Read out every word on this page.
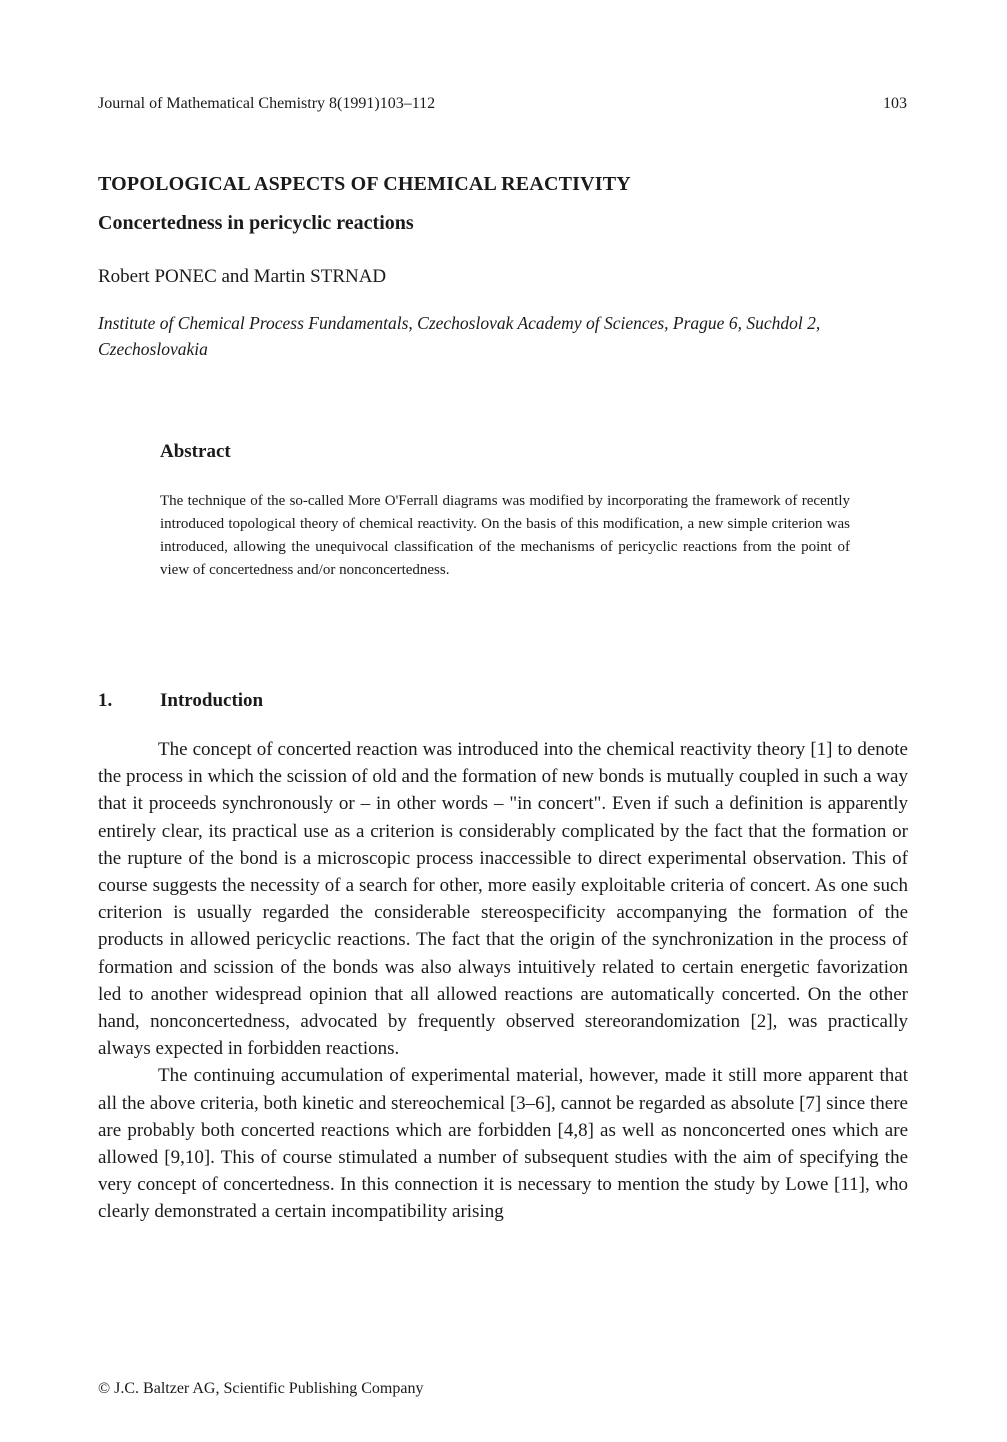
Journal of Mathematical Chemistry 8(1991)103–112	103
TOPOLOGICAL ASPECTS OF CHEMICAL REACTIVITY
Concertedness in pericyclic reactions
Robert PONEC and Martin STRNAD
Institute of Chemical Process Fundamentals, Czechoslovak Academy of Sciences, Prague 6, Suchdol 2, Czechoslovakia
Abstract
The technique of the so-called More O'Ferrall diagrams was modified by incorporating the framework of recently introduced topological theory of chemical reactivity. On the basis of this modification, a new simple criterion was introduced, allowing the unequivocal classification of the mechanisms of pericyclic reactions from the point of view of concertedness and/or nonconcertedness.
1.	Introduction

The concept of concerted reaction was introduced into the chemical reactivity theory [1] to denote the process in which the scission of old and the formation of new bonds is mutually coupled in such a way that it proceeds synchronously or – in other words – "in concert". Even if such a definition is apparently entirely clear, its practical use as a criterion is considerably complicated by the fact that the formation or the rupture of the bond is a microscopic process inaccessible to direct experimental observation. This of course suggests the necessity of a search for other, more easily exploitable criteria of concert. As one such criterion is usually regarded the considerable stereospecificity accompanying the formation of the products in allowed pericyclic reactions. The fact that the origin of the synchronization in the process of formation and scission of the bonds was also always intuitively related to certain energetic favorization led to another widespread opinion that all allowed reactions are automatically concerted. On the other hand, nonconcertedness, advocated by frequently observed stereorandomization [2], was practically always expected in forbidden reactions.

The continuing accumulation of experimental material, however, made it still more apparent that all the above criteria, both kinetic and stereochemical [3–6], cannot be regarded as absolute [7] since there are probably both concerted reactions which are forbidden [4,8] as well as nonconcerted ones which are allowed [9,10]. This of course stimulated a number of subsequent studies with the aim of specifying the very concept of concertedness. In this connection it is necessary to mention the study by Lowe [11], who clearly demonstrated a certain incompatibility arising

© J.C. Baltzer AG, Scientific Publishing Company
